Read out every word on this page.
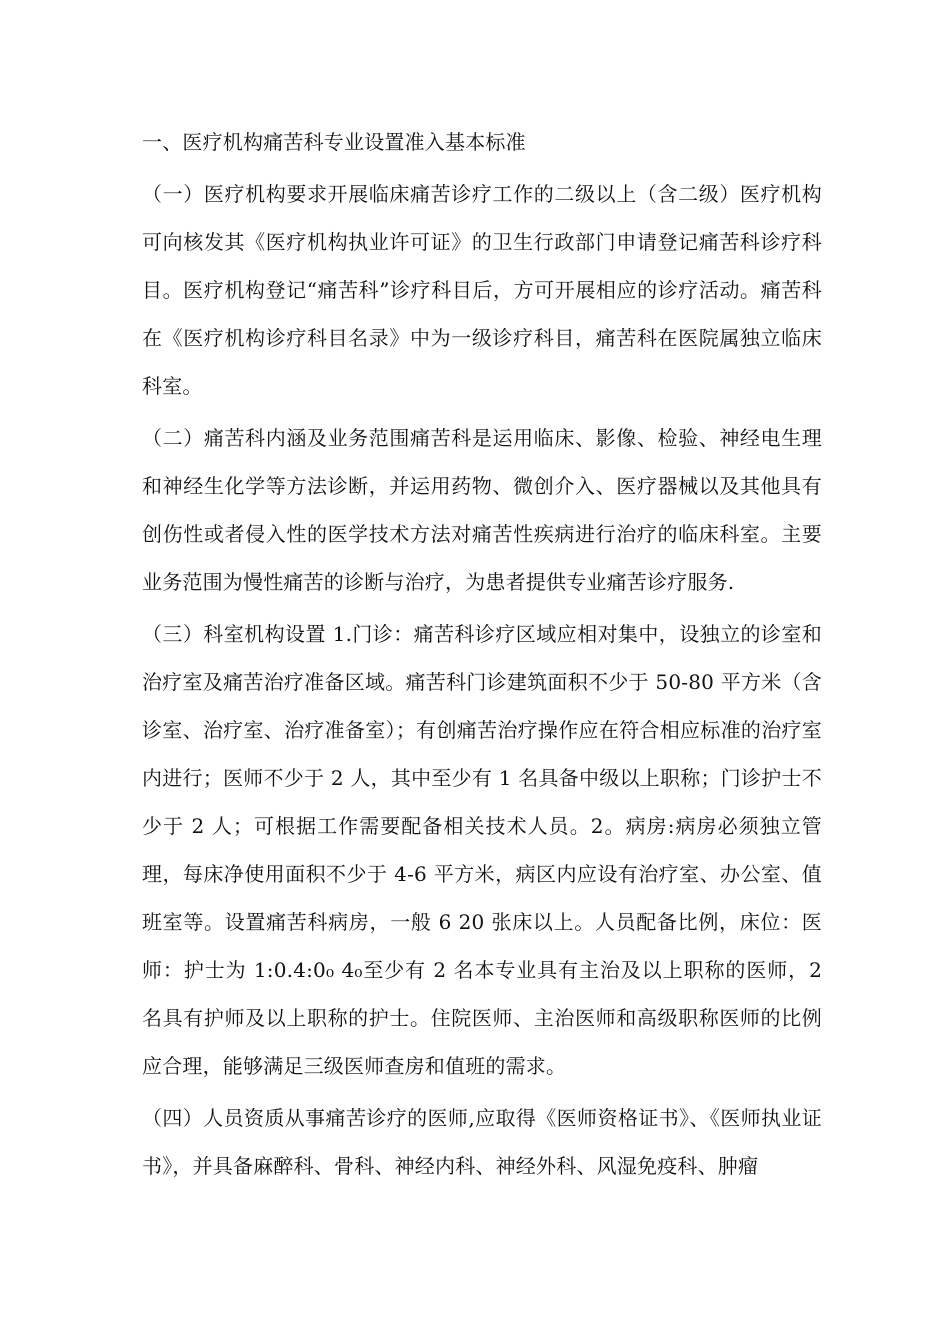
一、医疗机构痛苦科专业设置准入基本标准
（一）医疗机构要求开展临床痛苦诊疗工作的二级以上（含二级）医疗机构可向核发其《医疗机构执业许可证》的卫生行政部门申请登记痛苦科诊疗科目。医疗机构登记“痛苦科”诊疗科目后，方可开展相应的诊疗活动。痛苦科在《医疗机构诊疗科目名录》中为一级诊疗科目，痛苦科在医院属独立临床科室。
（二）痛苦科内涵及业务范围痛苦科是运用临床、影像、检验、神经电生理和神经生化学等方法诊断，并运用药物、微创介入、医疗器械以及其他具有创伤性或者侵入性的医学技术方法对痛苦性疾病进行治疗的临床科室。主要业务范围为慢性痛苦的诊断与治疗，为患者提供专业痛苦诊疗服务.
（三）科室机构设置 1.门诊：痛苦科诊疗区域应相对集中，设独立的诊室和治疗室及痛苦治疗准备区域。痛苦科门诊建筑面积不少于 50-80 平方米（含诊室、治疗室、治疗准备室）；有创痛苦治疗操作应在符合相应标准的治疗室内进行；医师不少于 2 人，其中至少有 1 名具备中级以上职称；门诊护士不少于 2 人；可根据工作需要配备相关技术人员。2。病房:病房必须独立管理，每床净使用面积不少于 4-6 平方米，病区内应设有治疗室、办公室、值班室等。设置痛苦科病房，一般 6 20 张床以上。人员配备比例，床位：医师：护士为 1:0.4:0₀ 4₀至少有 2 名本专业具有主治及以上职称的医师，2 名具有护师及以上职称的护士。住院医师、主治医师和高级职称医师的比例应合理，能够满足三级医师查房和值班的需求。
（四）人员资质从事痛苦诊疗的医师,应取得《医师资格证书》、《医师执业证书》，并具备麻醉科、骨科、神经内科、神经外科、风湿免疫科、肿瘤
